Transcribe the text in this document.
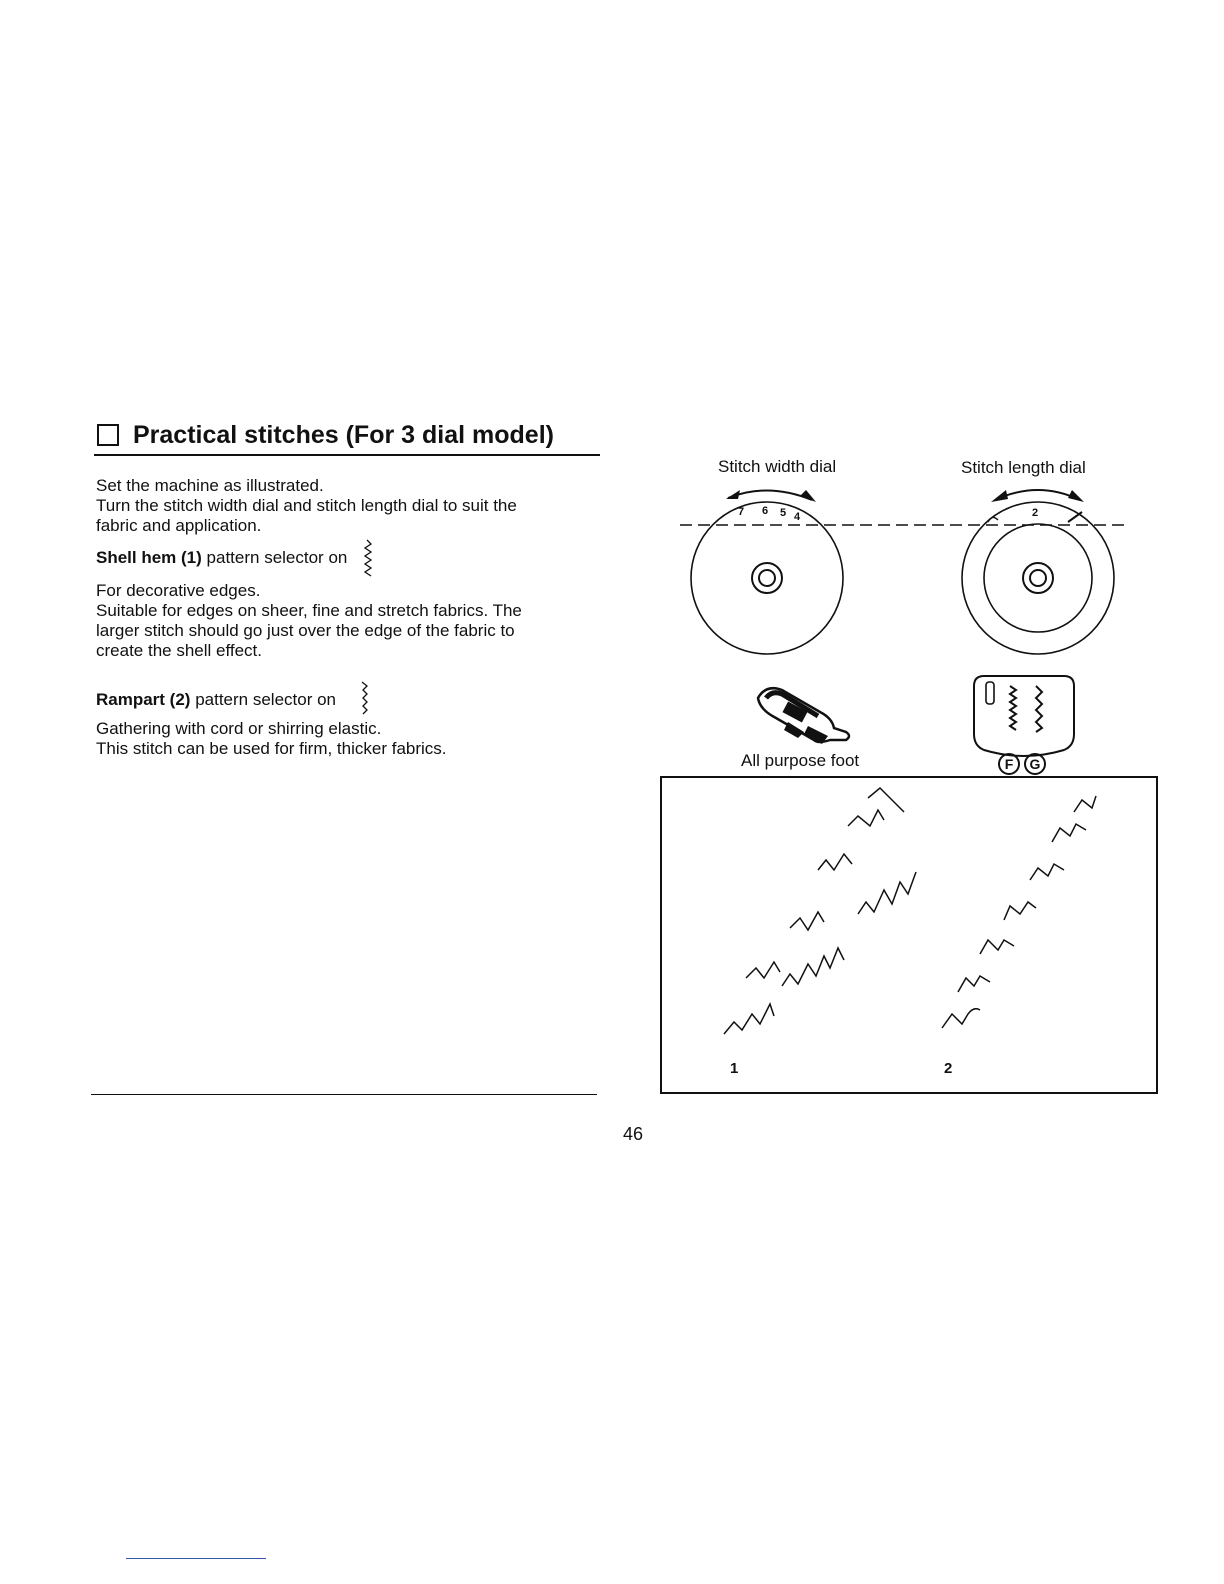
Practical stitches (For 3 dial model)

Set the machine as illustrated.

Turn the stitch width dial and stitch length dial to suit the

fabric and application.

Shell hem (1)
pattern selector on

For decorative edges.

Suitable for edges on sheer, fine and stretch fabrics. The

larger stitch should go just over the edge of the fabric to

create the shell effect.

Rampart (2)
pattern selector on

Gathering with cord or shirring elastic.

This stitch can be used for firm, thicker fabrics.

Stitch width dial	Stitch length dial
7 6 5 4	2
All purpose foot	F G
1	2
46
